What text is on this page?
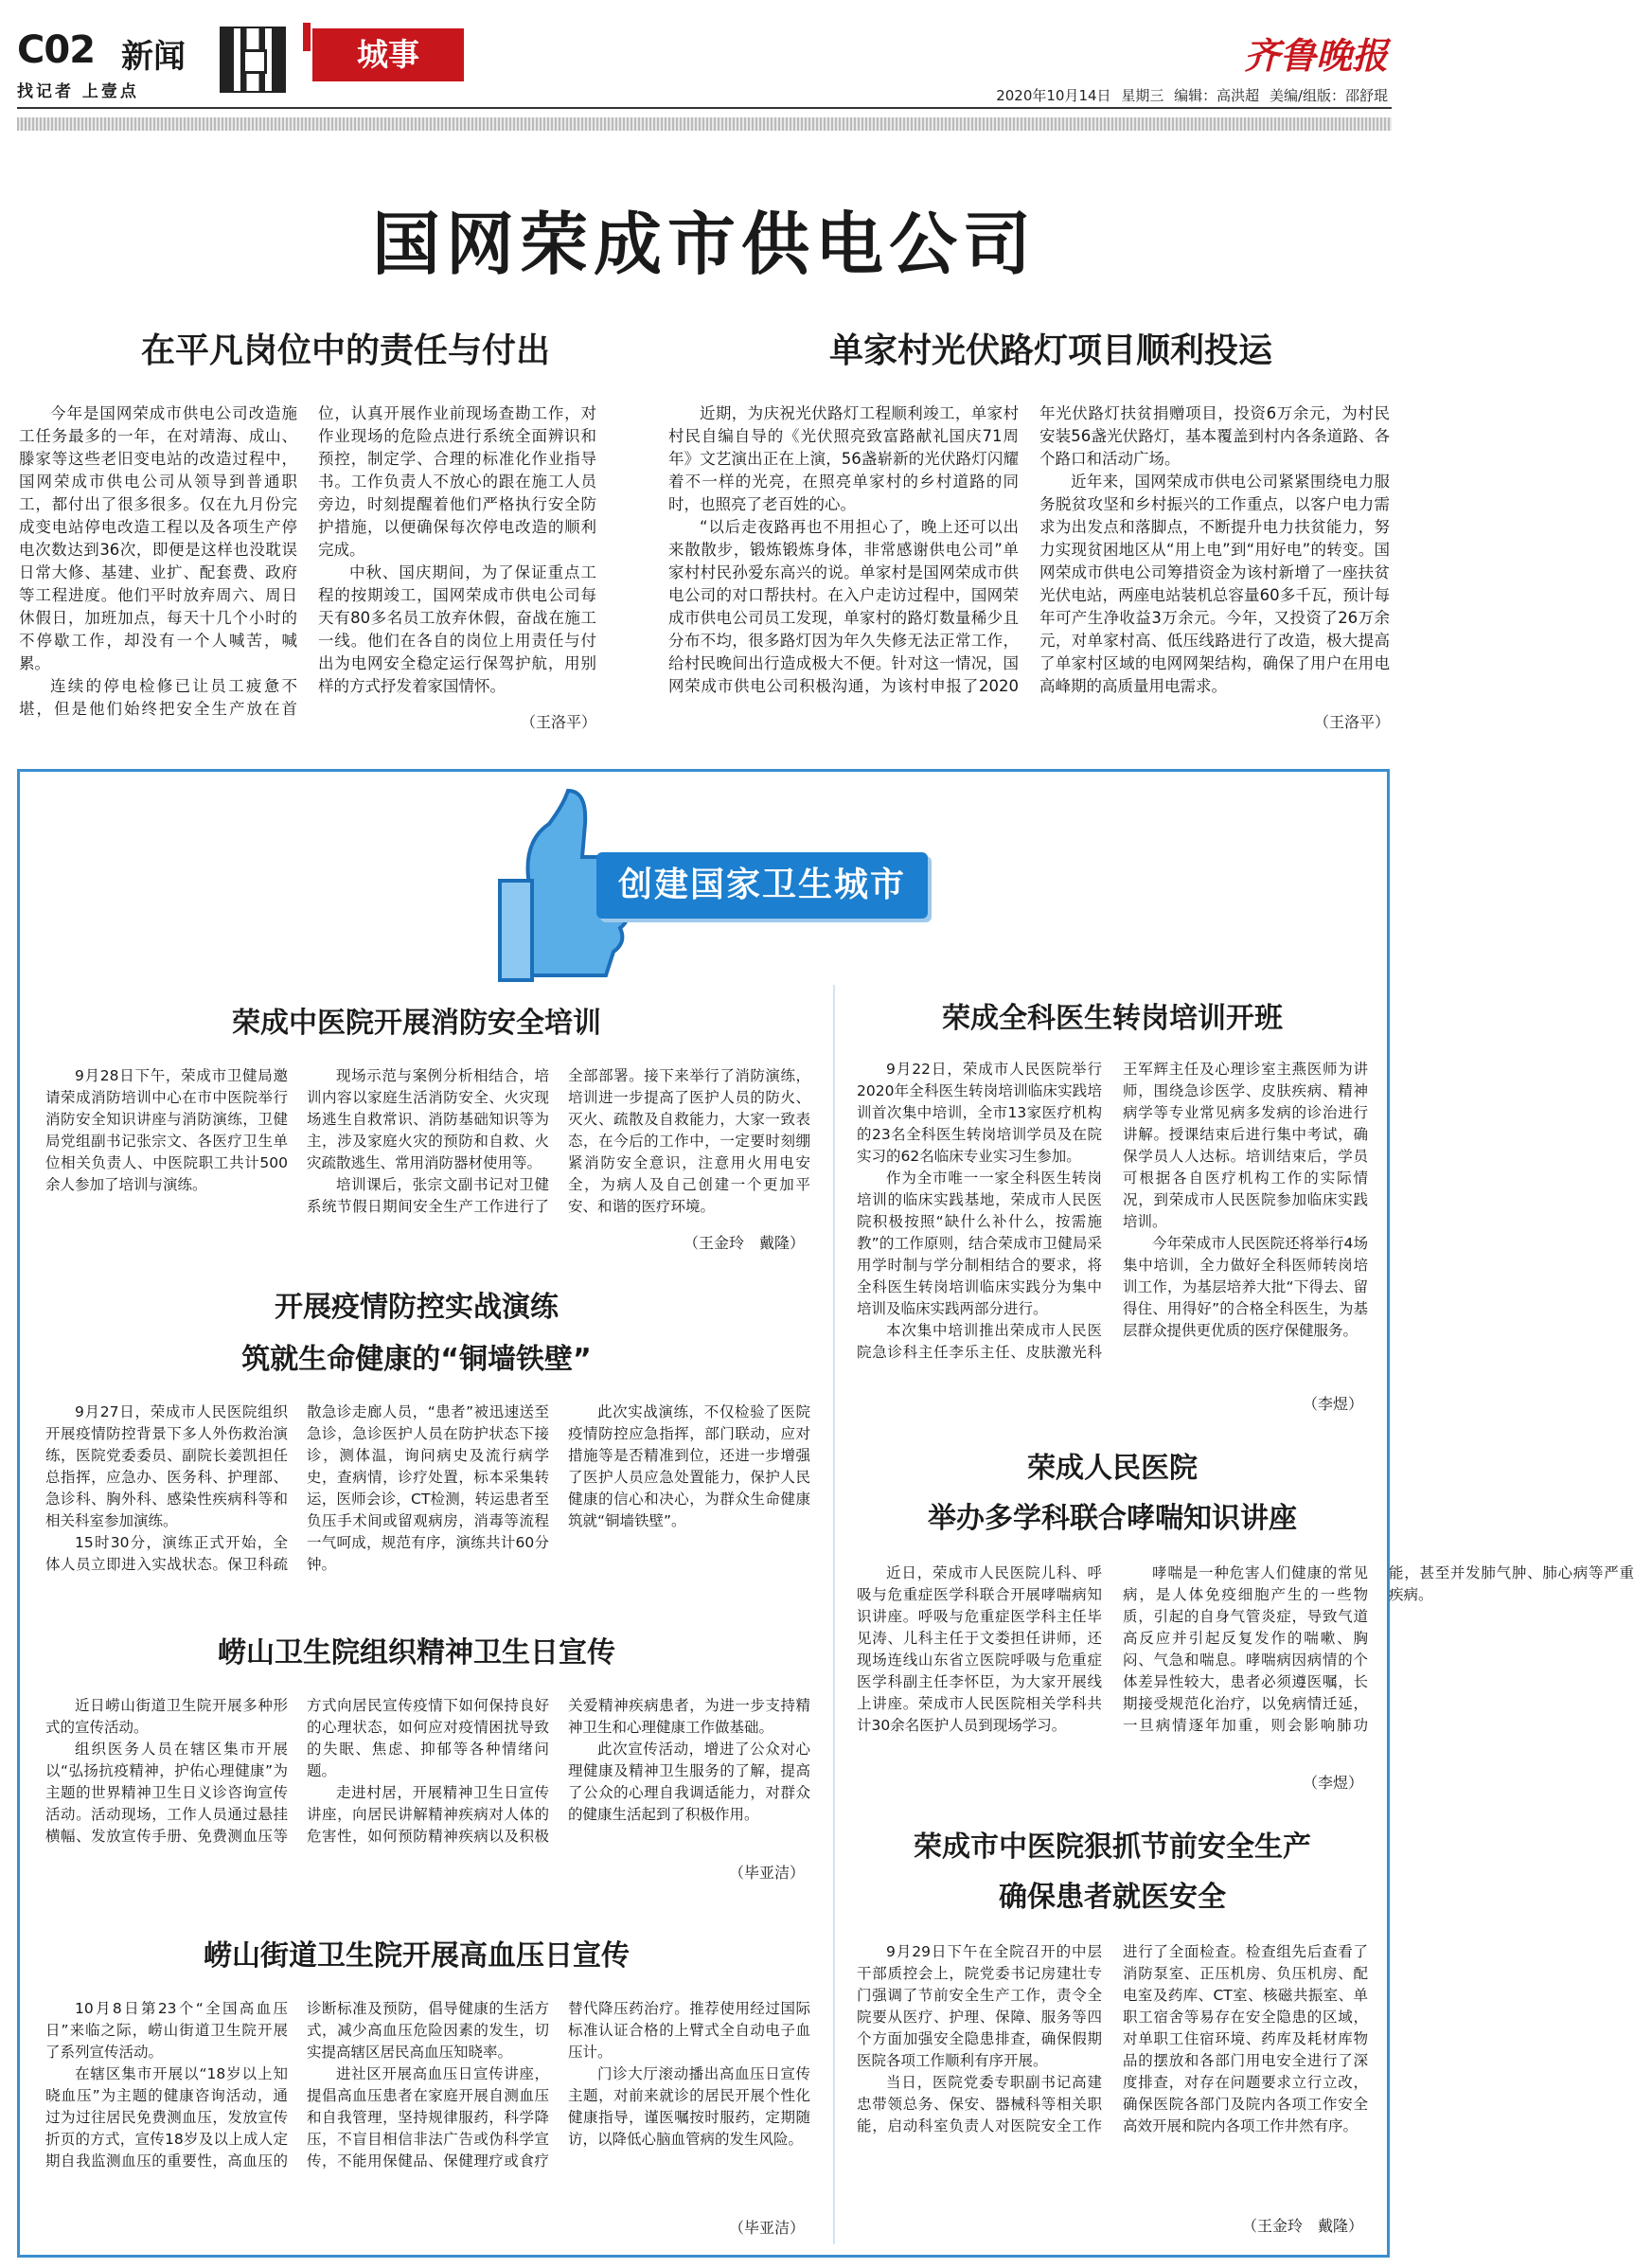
C02 新闻
找记者 上壹点
城事	齐鲁晚报
2020年10月14日 星期三 编辑：高洪超 美编/组版：邵舒琨
国网荣成市供电公司
在平凡岗位中的责任与付出

今年是国网荣成市供电公司改造施工任务最多的一年，在对靖海、成山、滕家等这些老旧变电站的改造过程中，国网荣成市供电公司从领导到普通职工，都付出了很多很多。仅在九月份完成变电站停电改造工程以及各项生产停电次数达到36次，即便是这样也没耽误日常大修、基建、业扩、配套费、政府等工程进度。他们平时放弃周六、周日休假日，加班加点，每天十几个小时的不停歇工作，却没有一个人喊苦，喊累。

连续的停电检修已让员工疲惫不堪，但是他们始终把安全生产放在首位，认真开展作业前现场查勘工作，对作业现场的危险点进行系统全面辨识和预控，制定学、合理的标准化作业指导书。工作负责人不放心的跟在施工人员旁边，时刻提醒着他们严格执行安全防护措施，以便确保每次停电改造的顺利完成。

中秋、国庆期间，为了保证重点工程的按期竣工，国网荣成市供电公司每天有80多名员工放弃休假，奋战在施工一线。他们在各自的岗位上用责任与付出为电网安全稳定运行保驾护航，用别样的方式抒发着家国情怀。

（王洛平）
单家村光伏路灯项目顺利投运

近期，为庆祝光伏路灯工程顺利竣工，单家村村民自编自导的《光伏照亮致富路献礼国庆71周年》文艺演出正在上演，56盏崭新的光伏路灯闪耀着不一样的光亮，在照亮单家村的乡村道路的同时，也照亮了老百姓的心。

“以后走夜路再也不用担心了，晚上还可以出来散散步，锻炼锻炼身体，非常感谢供电公司”单家村村民孙爱东高兴的说。单家村是国网荣成市供电公司的对口帮扶村。在入户走访过程中，国网荣成市供电公司员工发现，单家村的路灯数量稀少且分布不均，很多路灯因为年久失修无法正常工作，给村民晚间出行造成极大不便。针对这一情况，国网荣成市供电公司积极沟通，为该村申报了2020年光伏路灯扶贫捐赠项目，投资6万余元，为村民安装56盏光伏路灯，基本覆盖到村内各条道路、各个路口和活动广场。

近年来，国网荣成市供电公司紧紧围绕电力服务脱贫攻坚和乡村振兴的工作重点，以客户电力需求为出发点和落脚点，不断提升电力扶贫能力，努力实现贫困地区从“用上电”到“用好电”的转变。国网荣成市供电公司筹措资金为该村新增了一座扶贫光伏电站，两座电站装机总容量60多千瓦，预计每年可产生净收益3万余元。今年，又投资了26万余元，对单家村高、低压线路进行了改造，极大提高了单家村区域的电网网架结构，确保了用户在用电高峰期的高质量用电需求。

（王洛平）
创建国家卫生城市
荣成中医院开展消防安全培训

9月28日下午，荣成市卫健局邀请荣成消防培训中心在市中医院举行消防安全知识讲座与消防演练，卫健局党组副书记张宗文、各医疗卫生单位相关负责人、中医院职工共计500余人参加了培训与演练。

现场示范与案例分析相结合，培训内容以家庭生活消防安全、火灾现场逃生自救常识、消防基础知识等为主，涉及家庭火灾的预防和自救、火灾疏散逃生、常用消防器材使用等。

培训课后，张宗文副书记对卫健系统节假日期间安全生产工作进行了全部部署。接下来举行了消防演练，培训进一步提高了医护人员的防火、灭火、疏散及自救能力，大家一致表态，在今后的工作中，一定要时刻绷紧消防安全意识，注意用火用电安全，为病人及自己创建一个更加平安、和谐的医疗环境。

（王金玲　戴隆）
开展疫情防控实战演练
筑就生命健康的“铜墙铁壁”

9月27日，荣成市人民医院组织开展疫情防控背景下多人外伤救治演练，医院党委委员、副院长姜凯担任总指挥，应急办、医务科、护理部、急诊科、胸外科、感染性疾病科等和相关科室参加演练。

15时30分，演练正式开始，全体人员立即进入实战状态。保卫科疏散急诊走廊人员，“患者”被迅速送至急诊，急诊医护人员在防护状态下接诊，测体温，询问病史及流行病学史，查病情，诊疗处置，标本采集转运，医师会诊，CT检测，转运患者至负压手术间或留观病房，消毒等流程一气呵成，规范有序，演练共计60分钟。

此次实战演练，不仅检验了医院疫情防控应急指挥，部门联动，应对措施等是否精准到位，还进一步增强了医护人员应急处置能力，保护人民健康的信心和决心，为群众生命健康筑就“铜墙铁壁”。

崂山卫生院组织精神卫生日宣传

近日崂山街道卫生院开展多种形式的宣传活动。

组织医务人员在辖区集市开展以“弘扬抗疫精神，护佑心理健康”为主题的世界精神卫生日义诊咨询宣传活动。活动现场，工作人员通过悬挂横幅、发放宣传手册、免费测血压等方式向居民宣传疫情下如何保持良好的心理状态，如何应对疫情困扰导致的失眠、焦虑、抑郁等各种情绪问题。

走进村居，开展精神卫生日宣传讲座，向居民讲解精神疾病对人体的危害性，如何预防精神疾病以及积极关爱精神疾病患者，为进一步支持精神卫生和心理健康工作做基础。

此次宣传活动，增进了公众对心理健康及精神卫生服务的了解，提高了公众的心理自我调适能力，对群众的健康生活起到了积极作用。

（毕亚洁）
崂山街道卫生院开展高血压日宣传

10月8日第23个“全国高血压日”来临之际，崂山街道卫生院开展了系列宣传活动。

在辖区集市开展以“18岁以上知晓血压”为主题的健康咨询活动，通过为过往居民免费测血压，发放宣传折页的方式，宣传18岁及以上成人定期自我监测血压的重要性，高血压的诊断标准及预防，倡导健康的生活方式，减少高血压危险因素的发生，切实提高辖区居民高血压知晓率。

进社区开展高血压日宣传讲座，提倡高血压患者在家庭开展自测血压和自我管理，坚持规律服药，科学降压，不盲目相信非法广告或伪科学宣传，不能用保健品、保健理疗或食疗替代降压药治疗。推荐使用经过国际标准认证合格的上臂式全自动电子血压计。

门诊大厅滚动播出高血压日宣传主题，对前来就诊的居民开展个性化健康指导，谨医嘱按时服药，定期随访，以降低心脑血管病的发生风险。

（毕亚洁）
荣成全科医生转岗培训开班

9月22日，荣成市人民医院举行2020年全科医生转岗培训临床实践培训首次集中培训，全市13家医疗机构的23名全科医生转岗培训学员及在院实习的62名临床专业实习生参加。

作为全市唯一一家全科医生转岗培训的临床实践基地，荣成市人民医院积极按照“缺什么补什么，按需施教”的工作原则，结合荣成市卫健局采用学时制与学分制相结合的要求，将全科医生转岗培训临床实践分为集中培训及临床实践两部分进行。

本次集中培训推出荣成市人民医院急诊科主任李乐主任、皮肤激光科王军辉主任及心理诊室主燕医师为讲师，围绕急诊医学、皮肤疾病、精神病学等专业常见病多发病的诊治进行讲解。授课结束后进行集中考试，确保学员人人达标。培训结束后，学员可根据各自医疗机构工作的实际情况，到荣成市人民医院参加临床实践培训。

今年荣成市人民医院还将举行4场集中培训，全力做好全科医师转岗培训工作，为基层培养大批“下得去、留得住、用得好”的合格全科医生，为基层群众提供更优质的医疗保健服务。

（李煜）
荣成人民医院
举办多学科联合哮喘知识讲座

近日，荣成市人民医院儿科、呼吸与危重症医学科联合开展哮喘病知识讲座。呼吸与危重症医学科主任毕见涛、儿科主任于文娄担任讲师，还现场连线山东省立医院呼吸与危重症医学科副主任李怀臣，为大家开展线上讲座。荣成市人民医院相关学科共计30余名医护人员到现场学习。

哮喘是一种危害人们健康的常见病，是人体免疫细胞产生的一些物质，引起的自身气管炎症，导致气道高反应并引起反复发作的喘嗽、胸闷、气急和喘息。哮喘病因病情的个体差异性较大，患者必须遵医嘱，长期接受规范化治疗，以免病情迁延，一旦病情逐年加重，则会影响肺功能，甚至并发肺气肿、肺心病等严重疾病。

（李煜）
荣成市中医院狠抓节前安全生产
确保患者就医安全

9月29日下午在全院召开的中层干部质控会上，院党委书记房建壮专门强调了节前安全生产工作，责令全院要从医疗、护理、保障、服务等四个方面加强安全隐患排查，确保假期医院各项工作顺利有序开展。

当日，医院党委专职副书记高建忠带领总务、保安、器械科等相关职能，启动科室负责人对医院安全工作进行了全面检查。检查组先后查看了消防泵室、正压机房、负压机房、配电室及药库、CT室、核磁共振室、单职工宿舍等易存在安全隐患的区域，对单职工住宿环境、药库及耗材库物品的摆放和各部门用电安全进行了深度排查，对存在问题要求立行立改，确保医院各部门及院内各项工作安全高效开展和院内各项工作井然有序。

（王金玲　戴隆）
